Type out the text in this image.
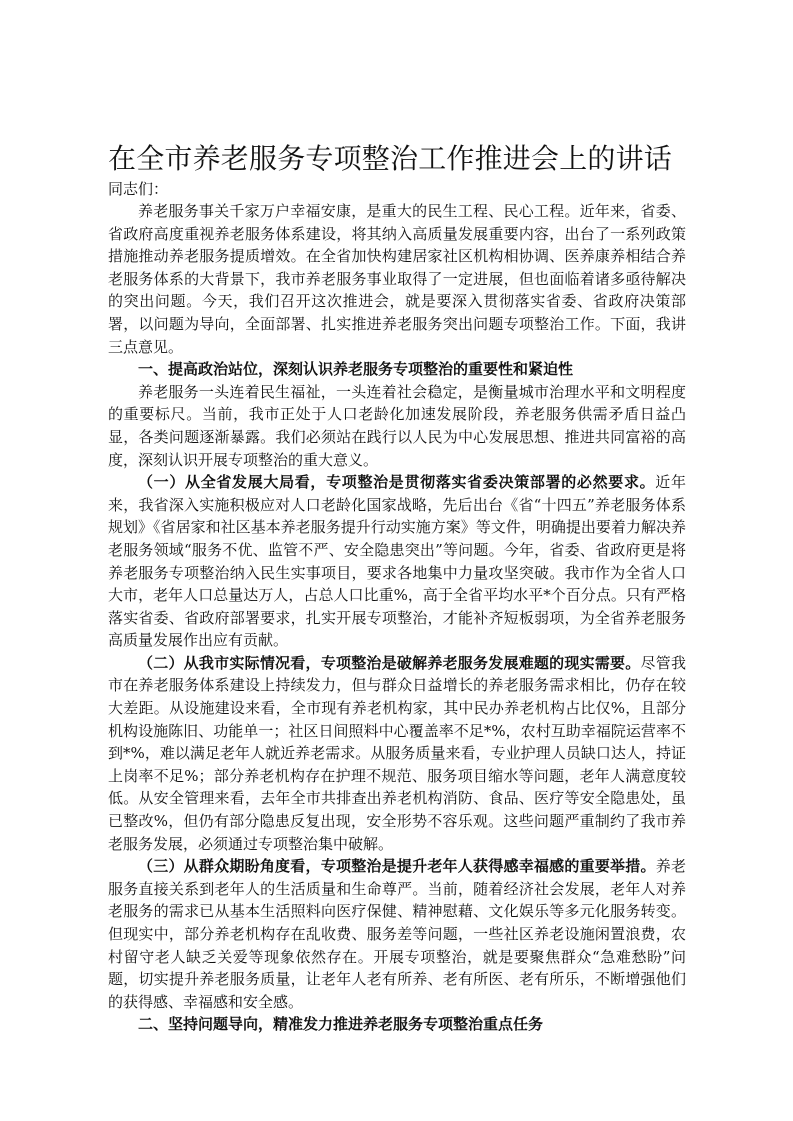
在全市养老服务专项整治工作推进会上的讲话

同志们：

养老服务事关千家万户幸福安康，是重大的民生工程、民心工程。近年来，省委、省政府高度重视养老服务体系建设，将其纳入高质量发展重要内容，出台了一系列政策措施推动养老服务提质增效。在全省加快构建居家社区机构相协调、医养康养相结合养老服务体系的大背景下，我市养老服务事业取得了一定进展，但也面临着诸多亟待解决的突出问题。今天，我们召开这次推进会，就是要深入贯彻落实省委、省政府决策部署，以问题为导向，全面部署、扎实推进养老服务突出问题专项整治工作。下面，我讲三点意见。

一、提高政治站位，深刻认识养老服务专项整治的重要性和紧迫性

养老服务一头连着民生福祉，一头连着社会稳定，是衡量城市治理水平和文明程度的重要标尺。当前，我市正处于人口老龄化加速发展阶段，养老服务供需矛盾日益凸显，各类问题逐渐暴露。我们必须站在践行以人民为中心发展思想、推进共同富裕的高度，深刻认识开展专项整治的重大意义。

（一）从全省发展大局看，专项整治是贯彻落实省委决策部署的必然要求。近年来，我省深入实施积极应对人口老龄化国家战略，先后出台《省“十四五”养老服务体系规划》《省居家和社区基本养老服务提升行动实施方案》等文件，明确提出要着力解决养老服务领域“服务不优、监管不严、安全隐患突出”等问题。今年，省委、省政府更是将养老服务专项整治纳入民生实事项目，要求各地集中力量攻坚突破。我市作为全省人口大市，老年人口总量达万人，占总人口比重%，高于全省平均水平*个百分点。只有严格落实省委、省政府部署要求，扎实开展专项整治，才能补齐短板弱项，为全省养老服务高质量发展作出应有贡献。

（二）从我市实际情况看，专项整治是破解养老服务发展难题的现实需要。尽管我市在养老服务体系建设上持续发力，但与群众日益增长的养老服务需求相比，仍存在较大差距。从设施建设来看，全市现有养老机构家，其中民办养老机构占比仅%，且部分机构设施陈旧、功能单一；社区日间照料中心覆盖率不足*%，农村互助幸福院运营率不到*%，难以满足老年人就近养老需求。从服务质量来看，专业护理人员缺口达人，持证上岗率不足%；部分养老机构存在护理不规范、服务项目缩水等问题，老年人满意度较低。从安全管理来看，去年全市共排查出养老机构消防、食品、医疗等安全隐患处，虽已整改%，但仍有部分隐患反复出现，安全形势不容乐观。这些问题严重制约了我市养老服务发展，必须通过专项整治集中破解。

（三）从群众期盼角度看，专项整治是提升老年人获得感幸福感的重要举措。养老服务直接关系到老年人的生活质量和生命尊严。当前，随着经济社会发展，老年人对养老服务的需求已从基本生活照料向医疗保健、精神慰藉、文化娱乐等多元化服务转变。但现实中，部分养老机构存在乱收费、服务差等问题，一些社区养老设施闲置浪费，农村留守老人缺乏关爱等现象依然存在。开展专项整治，就是要聚焦群众“急难愁盼”问题，切实提升养老服务质量，让老年人老有所养、老有所医、老有所乐，不断增强他们的获得感、幸福感和安全感。

二、坚持问题导向，精准发力推进养老服务专项整治重点任务
